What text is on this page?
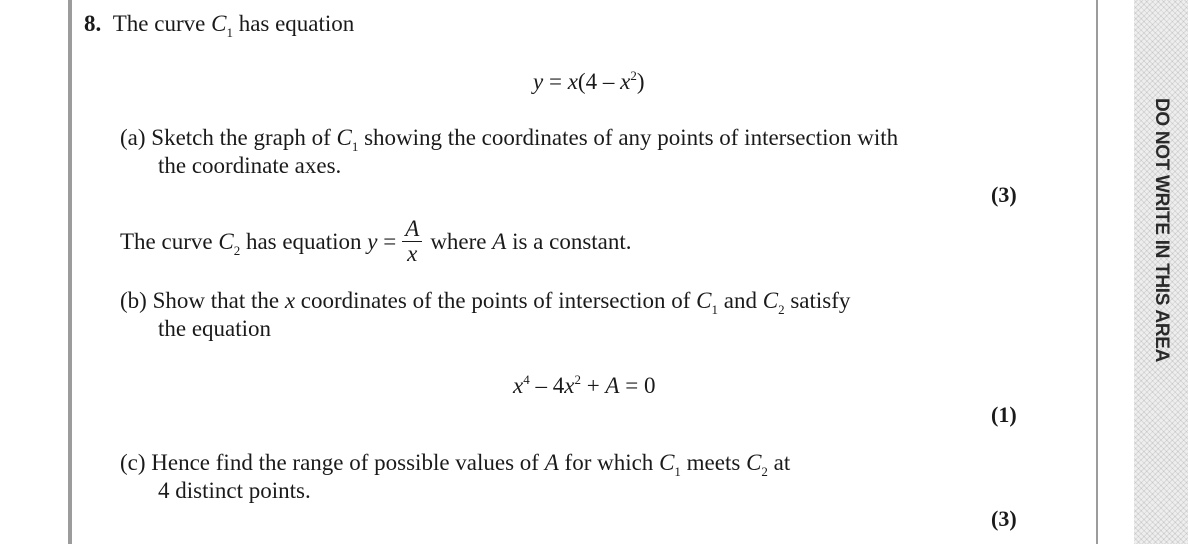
DO NOT WRITE IN THIS AREA
8. The curve $C_1$ has equation
$y = x(4 - x^2)$
(a) Sketch the graph of $C_1$ showing the coordinates of any points of intersection with
the coordinate axes.
(3)
The curve $C_2$ has equation $y = \frac{A}{x}$ where A is a constant.
(b) Show that the x coordinates of the points of intersection of $C_1$ and $C_2$ satisfy
the equation
$x^4 - 4x^2 + A = 0$
(1)
(c) Hence find the range of possible values of A for which $C_1$ meets $C_2$ at
4 distinct points.
(3)
